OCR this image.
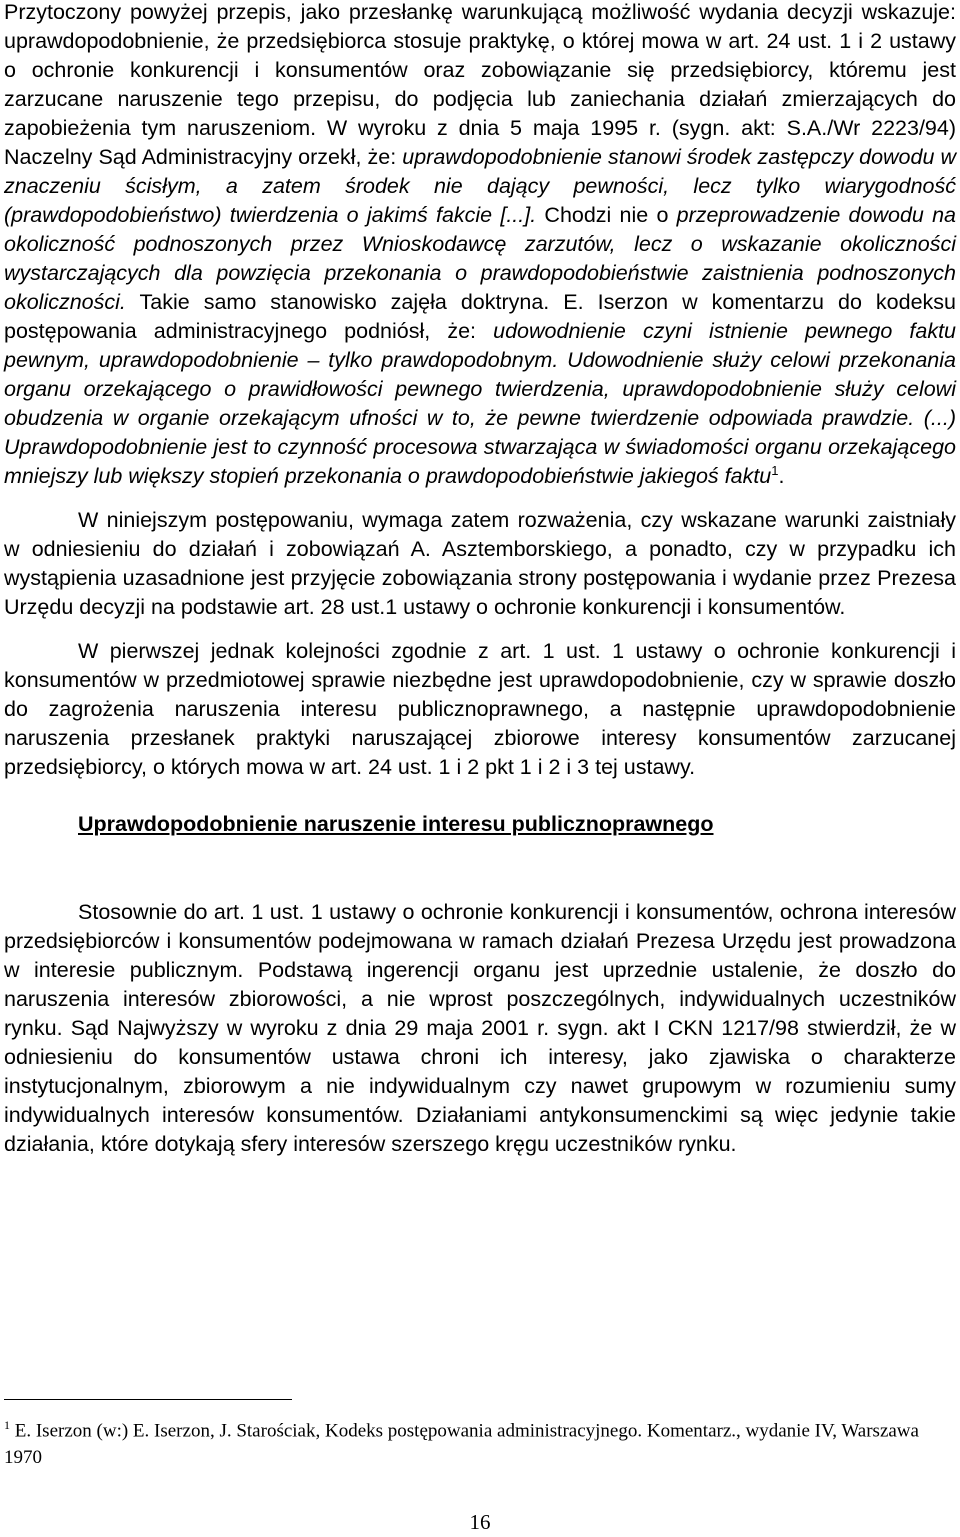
Przytoczony powyżej przepis, jako przesłankę warunkującą możliwość wydania decyzji wskazuje: uprawdopodobnienie, że przedsiębiorca stosuje praktykę, o której mowa w art. 24 ust. 1 i 2 ustawy o ochronie konkurencji i konsumentów oraz zobowiązanie się przedsiębiorcy, któremu jest zarzucane naruszenie tego przepisu, do podjęcia lub zaniechania działań zmierzających do zapobieżenia tym naruszeniom. W wyroku z dnia 5 maja 1995 r. (sygn. akt: S.A./Wr 2223/94) Naczelny Sąd Administracyjny orzekł, że: uprawdopodobnienie stanowi środek zastępczy dowodu w znaczeniu ścisłym, a zatem środek nie dający pewności, lecz tylko wiarygodność (prawdopodobieństwo) twierdzenia o jakimś fakcie [...]. Chodzi nie o przeprowadzenie dowodu na okoliczność podnoszonych przez Wnioskodawcę zarzutów, lecz o wskazanie okoliczności wystarczających dla powzięcia przekonania o prawdopodobieństwie zaistnienia podnoszonych okoliczności. Takie samo stanowisko zajęła doktryna. E. Iserzon w komentarzu do kodeksu postępowania administracyjnego podniósł, że: udowodnienie czyni istnienie pewnego faktu pewnym, uprawdopodobnienie – tylko prawdopodobnym. Udowodnienie służy celowi przekonania organu orzekającego o prawidłowości pewnego twierdzenia, uprawdopodobnienie służy celowi obudzenia w organie orzekającym ufności w to, że pewne twierdzenie odpowiada prawdzie. (...) Uprawdopodobnienie jest to czynność procesowa stwarzająca w świadomości organu orzekającego mniejszy lub większy stopień przekonania o prawdopodobieństwie jakiegoś faktu$^1$.

W niniejszym postępowaniu, wymaga zatem rozważenia, czy wskazane warunki zaistniały w odniesieniu do działań i zobowiązań A. Asztemborskiego, a ponadto, czy w przypadku ich wystąpienia uzasadnione jest przyjęcie zobowiązania strony postępowania i wydanie przez Prezesa Urzędu decyzji na podstawie art. 28 ust.1 ustawy o ochronie konkurencji i konsumentów.

W pierwszej jednak kolejności zgodnie z art. 1 ust. 1 ustawy o ochronie konkurencji i konsumentów w przedmiotowej sprawie niezbędne jest uprawdopodobnienie, czy w sprawie doszło do zagrożenia naruszenia interesu publicznoprawnego, a następnie uprawdopodobnienie naruszenia przesłanek praktyki naruszającej zbiorowe interesy konsumentów zarzucanej przedsiębiorcy, o których mowa w art. 24 ust. 1 i 2 pkt 1 i 2 i 3 tej ustawy.

Uprawdopodobnienie naruszenie interesu publicznoprawnego

Stosownie do art. 1 ust. 1 ustawy o ochronie konkurencji i konsumentów, ochrona interesów przedsiębiorców i konsumentów podejmowana w ramach działań Prezesa Urzędu jest prowadzona w interesie publicznym. Podstawą ingerencji organu jest uprzednie ustalenie, że doszło do naruszenia interesów zbiorowości, a nie wprost poszczególnych, indywidualnych uczestników rynku. Sąd Najwyższy w wyroku z dnia 29 maja 2001 r. sygn. akt I CKN 1217/98 stwierdził, że w odniesieniu do konsumentów ustawa chroni ich interesy, jako zjawiska o charakterze instytucjonalnym, zbiorowym a nie indywidualnym czy nawet grupowym w rozumieniu sumy indywidualnych interesów konsumentów. Działaniami antykonsumenckimi są więc jedynie takie działania, które dotykają sfery interesów szerszego kręgu uczestników rynku.

$^1$ E. Iserzon (w:) E. Iserzon, J. Starościak, Kodeks postępowania administracyjnego. Komentarz., wydanie IV, Warszawa 1970

16
